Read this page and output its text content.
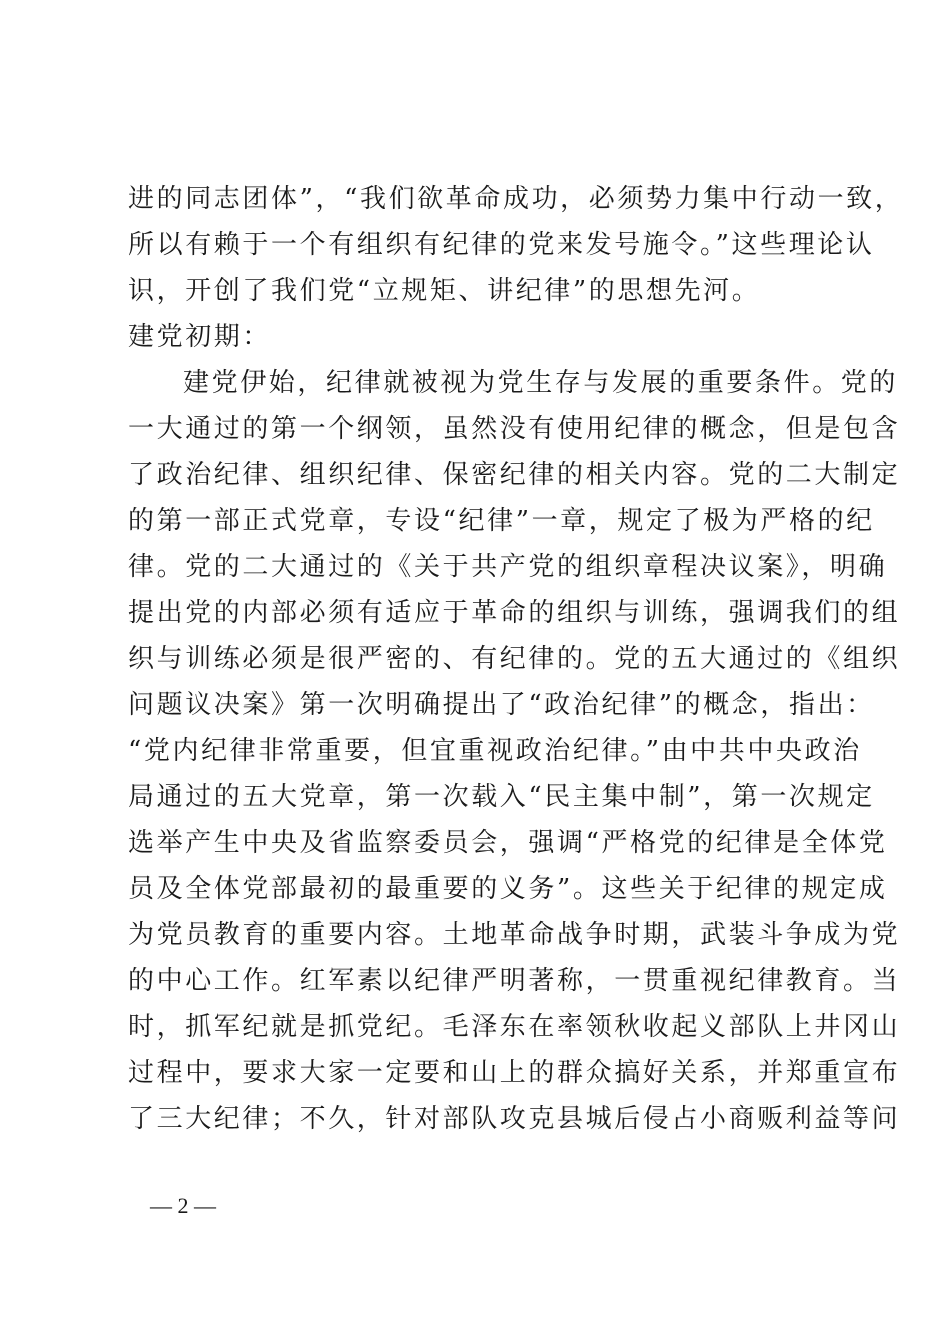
进的同志团体”，“我们欲革命成功，必须势力集中行动一致，
所以有赖于一个有组织有纪律的党来发号施令。”这些理论认
识，开创了我们党“立规矩、讲纪律”的思想先河。
建党初期：
建党伊始，纪律就被视为党生存与发展的重要条件。党的
一大通过的第一个纲领，虽然没有使用纪律的概念，但是包含
了政治纪律、组织纪律、保密纪律的相关内容。党的二大制定
的第一部正式党章，专设“纪律”一章，规定了极为严格的纪
律。党的二大通过的《关于共产党的组织章程决议案》，明确
提出党的内部必须有适应于革命的组织与训练，强调我们的组
织与训练必须是很严密的、有纪律的。党的五大通过的《组织
问题议决案》第一次明确提出了“政治纪律”的概念，指出：
“党内纪律非常重要，但宜重视政治纪律。”由中共中央政治
局通过的五大党章，第一次载入“民主集中制”，第一次规定
选举产生中央及省监察委员会，强调“严格党的纪律是全体党
员及全体党部最初的最重要的义务”。这些关于纪律的规定成
为党员教育的重要内容。土地革命战争时期，武装斗争成为党
的中心工作。红军素以纪律严明著称，一贯重视纪律教育。当
时，抓军纪就是抓党纪。毛泽东在率领秋收起义部队上井冈山
过程中，要求大家一定要和山上的群众搞好关系，并郑重宣布
了三大纪律；不久，针对部队攻克县城后侵占小商贩利益等问
— 2 —
